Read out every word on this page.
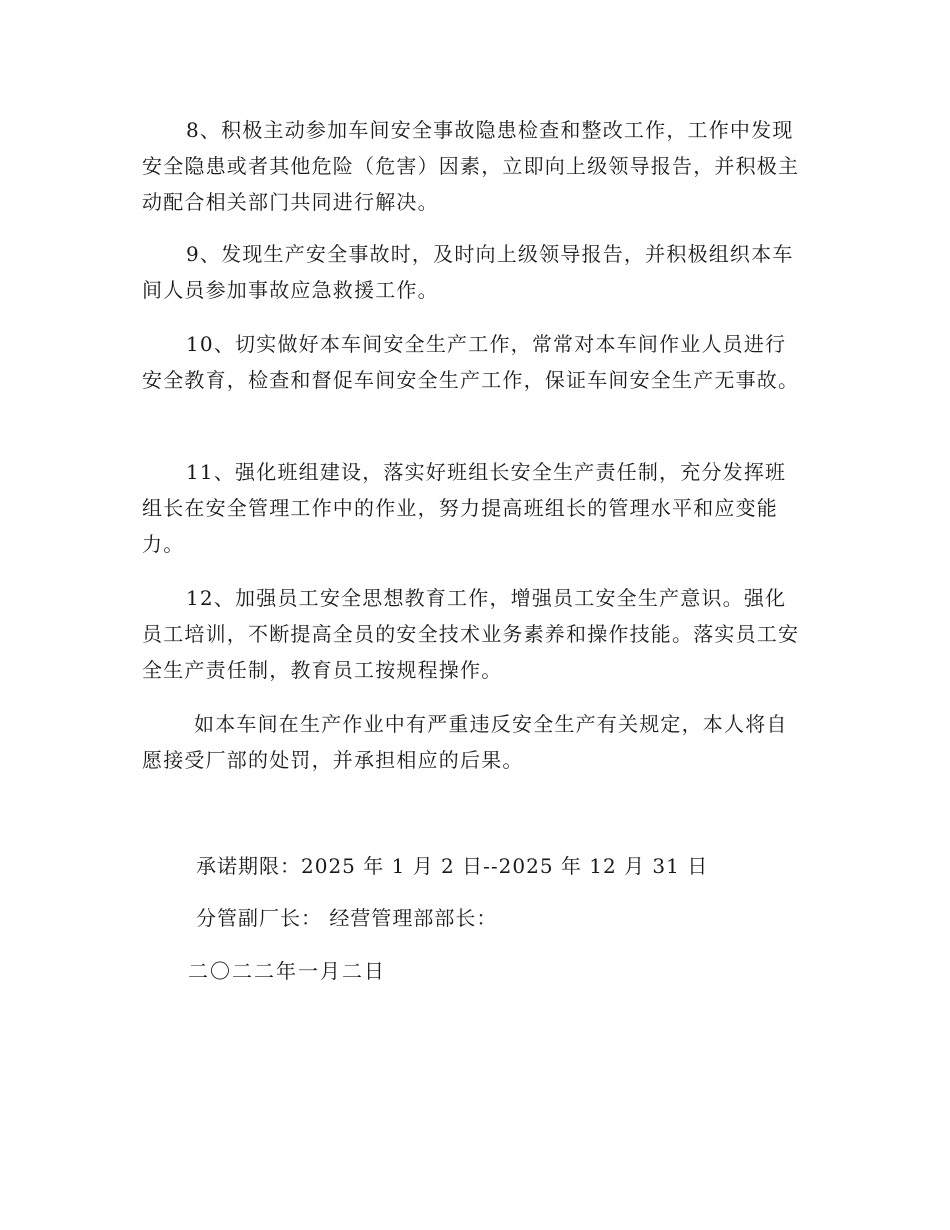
8、积极主动参加车间安全事故隐患检查和整改工作，工作中发现安全隐患或者其他危险（危害）因素，立即向上级领导报告，并积极主动配合相关部门共同进行解决。

9、发现生产安全事故时，及时向上级领导报告，并积极组织本车间人员参加事故应急救援工作。

10、切实做好本车间安全生产工作，常常对本车间作业人员进行安全教育，检查和督促车间安全生产工作，保证车间安全生产无事故。

11、强化班组建设，落实好班组长安全生产责任制，充分发挥班组长在安全管理工作中的作业，努力提高班组长的管理水平和应变能力。

12、加强员工安全思想教育工作，增强员工安全生产意识。强化员工培训，不断提高全员的安全技术业务素养和操作技能。落实员工安全生产责任制，教育员工按规程操作。

如本车间在生产作业中有严重违反安全生产有关规定，本人将自愿接受厂部的处罚，并承担相应的后果。

承诺期限：2025 年 1 月 2 日--2025 年 12 月 31 日

分管副厂长： 经营管理部部长：

二〇二二年一月二日
